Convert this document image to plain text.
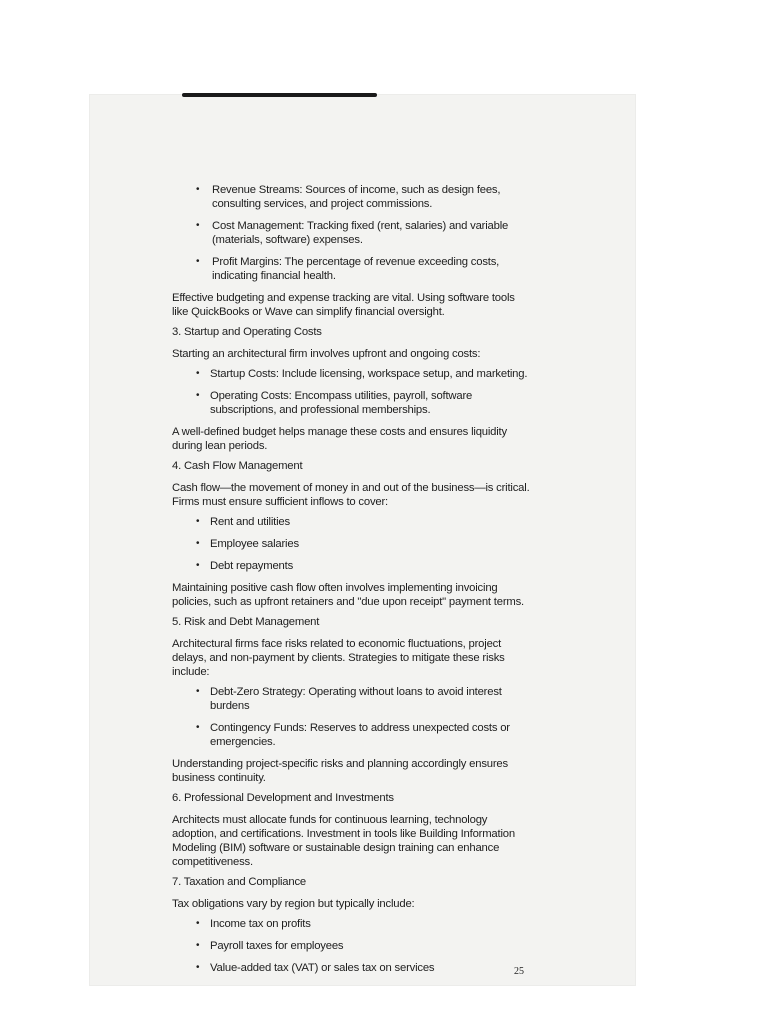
• Revenue Streams: Sources of income, such as design fees, consulting services, and project commissions.
• Cost Management: Tracking fixed (rent, salaries) and variable (materials, software) expenses.
• Profit Margins: The percentage of revenue exceeding costs, indicating financial health.

Effective budgeting and expense tracking are vital. Using software tools like QuickBooks or Wave can simplify financial oversight.

3. Startup and Operating Costs

Starting an architectural firm involves upfront and ongoing costs:

• Startup Costs: Include licensing, workspace setup, and marketing.
• Operating Costs: Encompass utilities, payroll, software subscriptions, and professional memberships.

A well-defined budget helps manage these costs and ensures liquidity during lean periods.

4. Cash Flow Management

Cash flow—the movement of money in and out of the business—is critical. Firms must ensure sufficient inflows to cover:

• Rent and utilities
• Employee salaries
• Debt repayments

Maintaining positive cash flow often involves implementing invoicing policies, such as upfront retainers and "due upon receipt" payment terms.

5. Risk and Debt Management

Architectural firms face risks related to economic fluctuations, project delays, and non-payment by clients. Strategies to mitigate these risks include:

• Debt-Zero Strategy: Operating without loans to avoid interest burdens
• Contingency Funds: Reserves to address unexpected costs or emergencies.

Understanding project-specific risks and planning accordingly ensures business continuity.

6. Professional Development and Investments

Architects must allocate funds for continuous learning, technology adoption, and certifications. Investment in tools like Building Information Modeling (BIM) software or sustainable design training can enhance competitiveness.

7. Taxation and Compliance

Tax obligations vary by region but typically include:

• Income tax on profits
• Payroll taxes for employees
• Value-added tax (VAT) or sales tax on services	25
